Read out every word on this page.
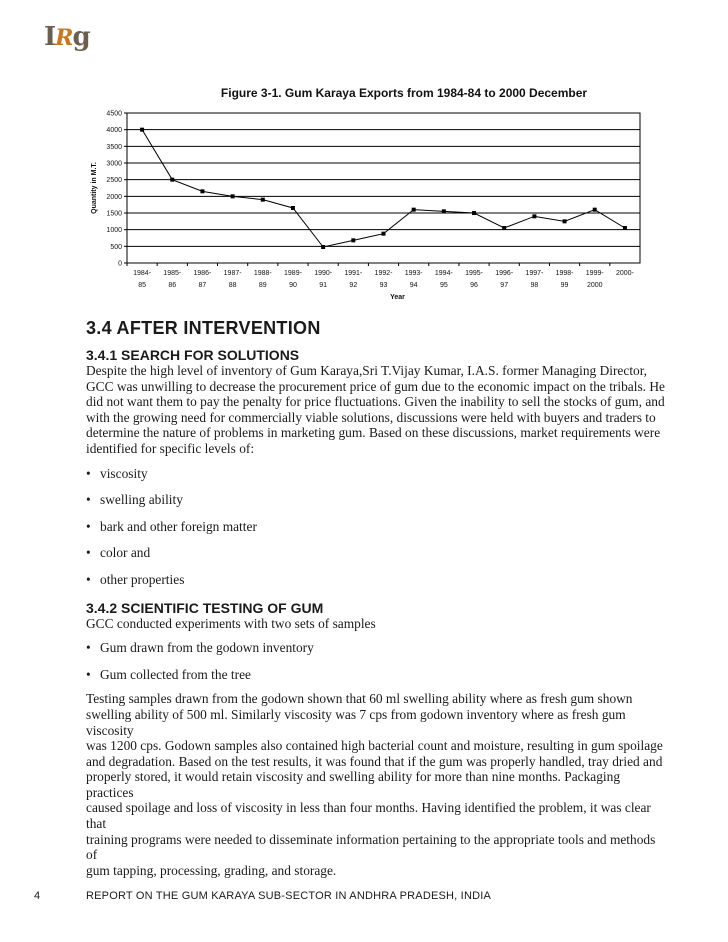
IRg
Figure 3-1. Gum Karaya Exports from 1984-84 to 2000 December
4500
4000
3500
3000
2500
2000
1500
1000
500
0
1984-
85
1985-
86
1986-
87
1987-
88
1988-
89
1989-
90
1990-
91
1991-
92
1992-
93
1993-
94
1994-
95
1995-
96
1996-
97
1997-
98
1998-
99
1999-
2000
2000-
Year
Quantity in M.T.
3.4 AFTER INTERVENTION
3.4.1 SEARCH FOR SOLUTIONS

Despite the high level of inventory of Gum Karaya,Sri T.Vijay Kumar, I.A.S. former Managing Director,

GCC was unwilling to decrease the procurement price of gum due to the economic impact on the tribals. He

did not want them to pay the penalty for price fluctuations. Given the inability to sell the stocks of gum, and

with the growing need for commercially viable solutions, discussions were held with buyers and traders to

determine the nature of problems in marketing gum. Based on these discussions, market requirements were

identified for specific levels of:

• viscosity
• swelling ability
• bark and other foreign matter
• color and
• other properties
3.4.2 SCIENTIFIC TESTING OF GUM

GCC conducted experiments with two sets of samples

• Gum drawn from the godown inventory
• Gum collected from the tree

Testing samples drawn from the godown shown that 60 ml swelling ability where as fresh gum shown

swelling ability of 500 ml. Similarly viscosity was 7 cps from godown inventory where as fresh gum viscosity

was 1200 cps. Godown samples also contained high bacterial count and moisture, resulting in gum spoilage

and degradation. Based on the test results, it was found that if the gum was properly handled, tray dried and

properly stored, it would retain viscosity and swelling ability for more than nine months. Packaging practices

caused spoilage and loss of viscosity in less than four months. Having identified the problem, it was clear that

training programs were needed to disseminate information pertaining to the appropriate tools and methods of

gum tapping, processing, grading, and storage.

4	REPORT ON THE GUM KARAYA SUB-SECTOR IN ANDHRA PRADESH, INDIA
